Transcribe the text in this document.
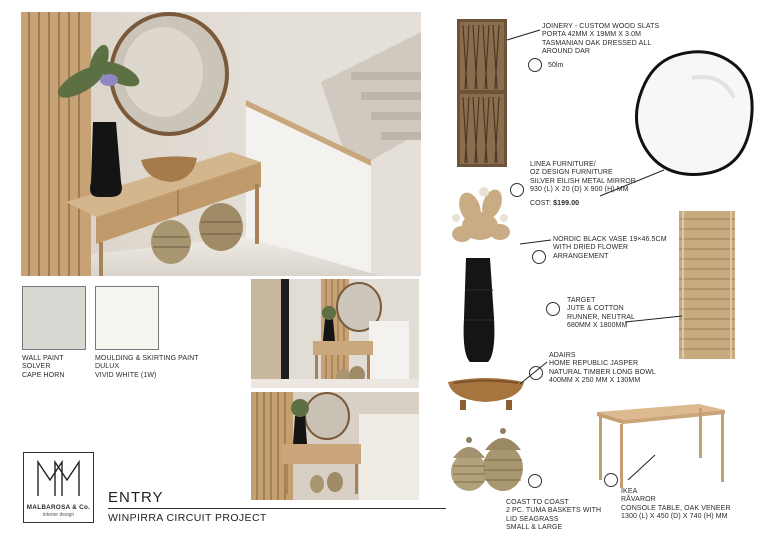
WALL PAINT
SOLVER
CAPE HORN
MOULDING & SKIRTING PAINT
DULUX
VIVID WHITE (1W)
MALBAROSA & Co.
interior design
ENTRY
WINPIRRA CIRCUIT PROJECT
JOINERY - CUSTOM WOOD SLATS
PORTA 42MM X 19MM X 3.0M
TASMANIAN OAK DRESSED ALL
AROUND DAR
50lm
LINEA FURNITURE/
OZ DESIGN FURNITURE
SILVER EILISH METAL MIRROR
930 (L) X 20 (D) X 900 (H) MM
COST: $199.00
NORDIC BLACK VASE 19×46.5CM
WITH DRIED FLOWER
ARRANGEMENT
TARGET
JUTE & COTTON
RUNNER, NEUTRAL
680MM X 1800MM
ADAIRS
HOME REPUBLIC JASPER
NATURAL TIMBER LONG BOWL
400MM X 250 MM X 130MM
COAST TO COAST
2 PC. TUMA BASKETS WITH
LID SEAGRASS
SMALL & LARGE
IKEA
RÅVAROR
CONSOLE TABLE, OAK VENEER
1300 (L) X 450 (D) X 740 (H) MM
